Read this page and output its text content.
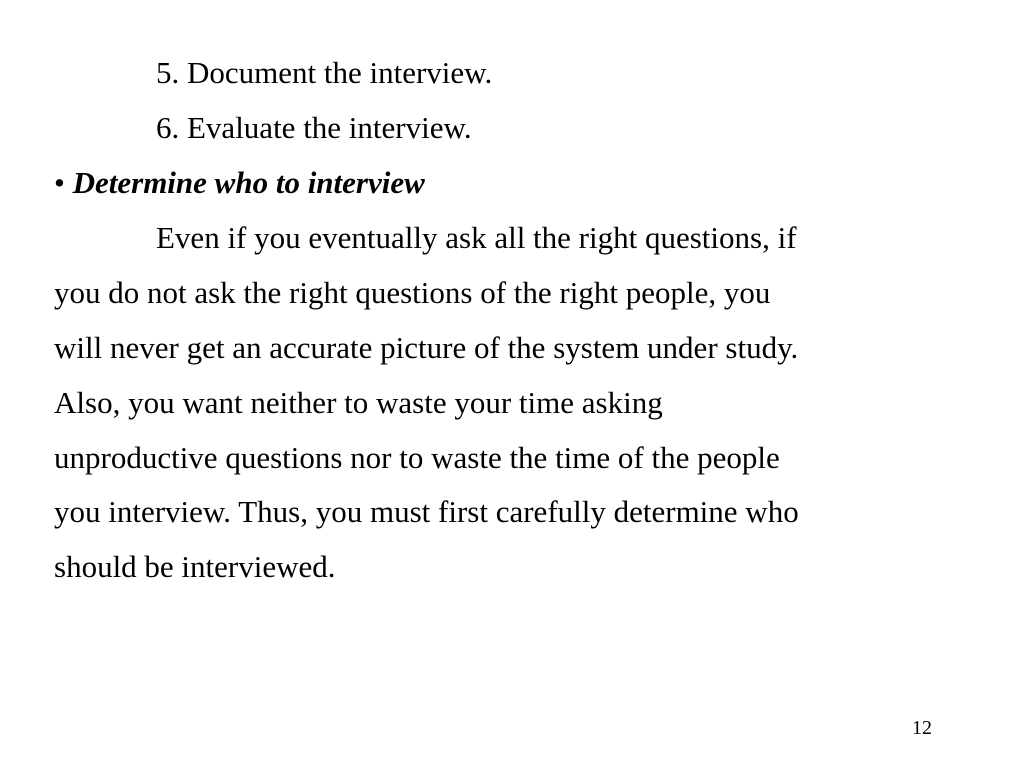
5. Document the interview.
6. Evaluate the interview.
• Determine who to interview
Even if you eventually ask all the right questions, if
you do not ask the right questions of the right people, you
will never get an accurate picture of the system under study.
Also, you want neither to waste your time asking
unproductive questions nor to waste the time of the people
you interview. Thus, you must first carefully determine who
should be interviewed.
12
